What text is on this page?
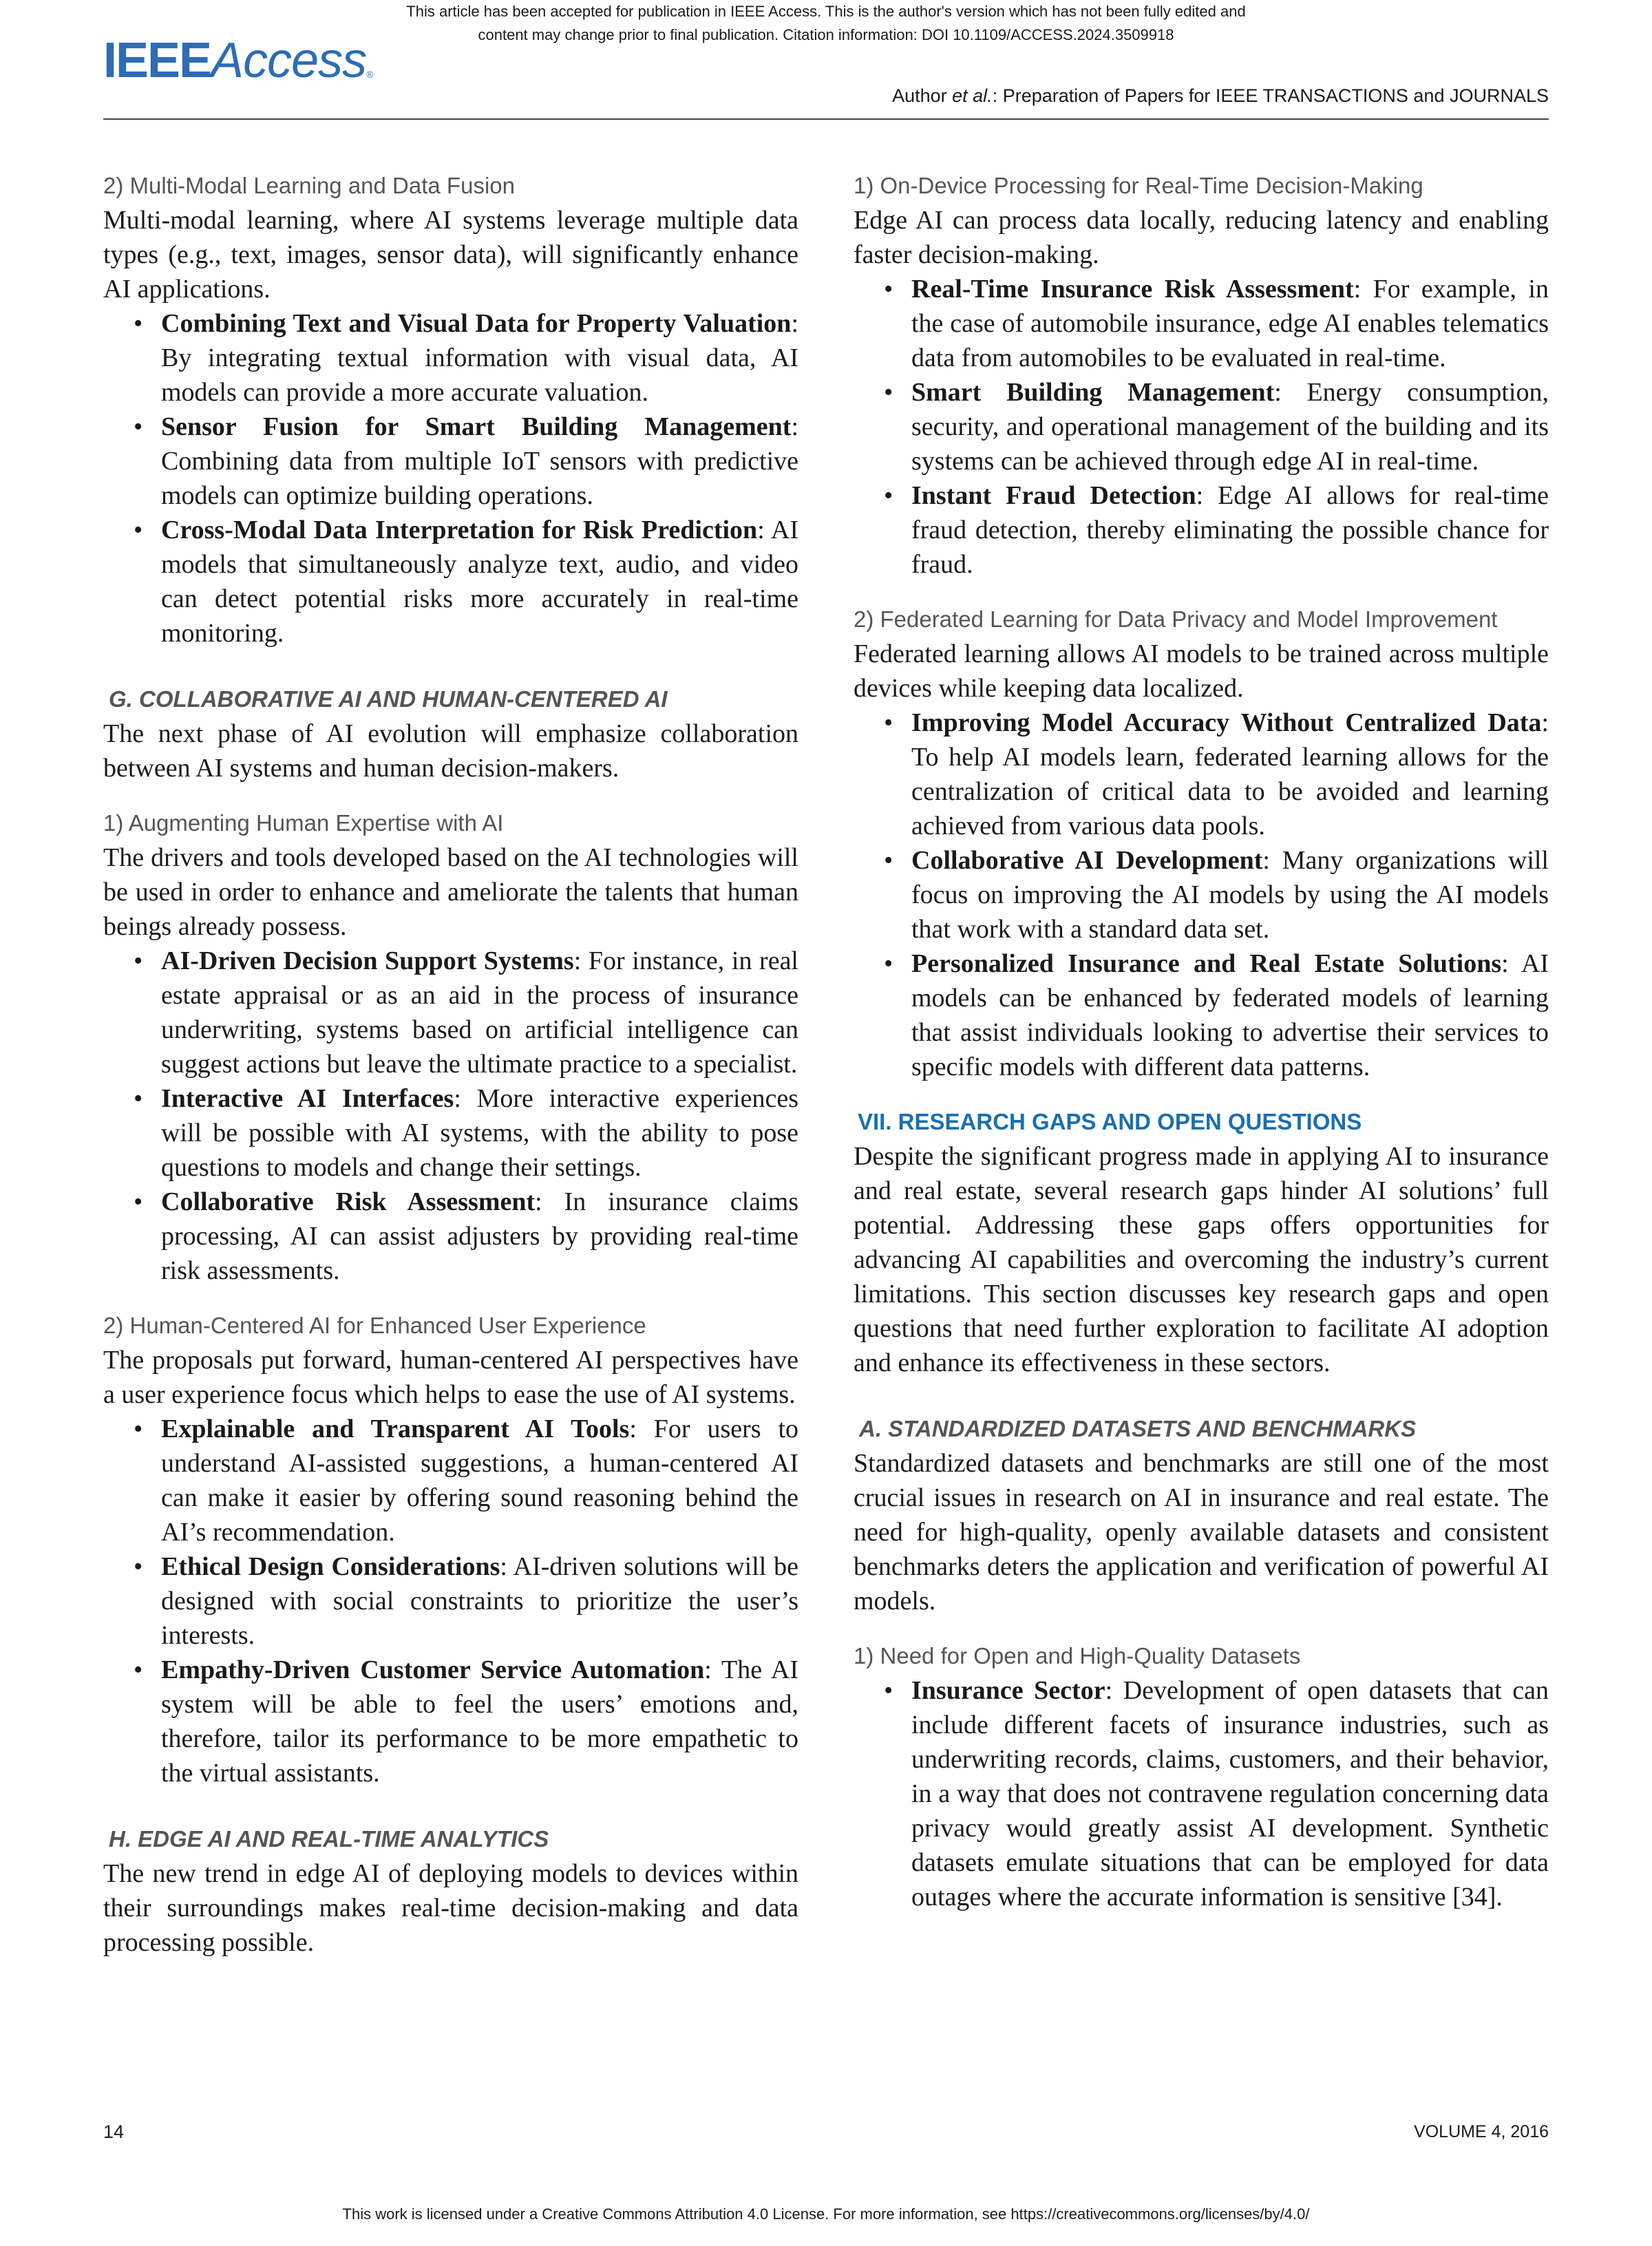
This article has been accepted for publication in IEEE Access. This is the author's version which has not been fully edited and
content may change prior to final publication. Citation information: DOI 10.1109/ACCESS.2024.3509918
IEEEAccess®
Author et al.: Preparation of Papers for IEEE TRANSACTIONS and JOURNALS
2) Multi-Modal Learning and Data Fusion

Multi-modal learning, where AI systems leverage multiple data types (e.g., text, images, sensor data), will significantly enhance AI applications.

• Combining Text and Visual Data for Property Valuation: By integrating textual information with visual data, AI models can provide a more accurate valuation.
• Sensor Fusion for Smart Building Management: Combining data from multiple IoT sensors with predictive models can optimize building operations.
• Cross-Modal Data Interpretation for Risk Prediction: AI models that simultaneously analyze text, audio, and video can detect potential risks more accurately in real-time monitoring.
G. COLLABORATIVE AI AND HUMAN-CENTERED AI

The next phase of AI evolution will emphasize collaboration between AI systems and human decision-makers.

1) Augmenting Human Expertise with AI

The drivers and tools developed based on the AI technologies will be used in order to enhance and ameliorate the talents that human beings already possess.

• AI-Driven Decision Support Systems: For instance, in real estate appraisal or as an aid in the process of insurance underwriting, systems based on artificial intelligence can suggest actions but leave the ultimate practice to a specialist.
• Interactive AI Interfaces: More interactive experiences will be possible with AI systems, with the ability to pose questions to models and change their settings.
• Collaborative Risk Assessment: In insurance claims processing, AI can assist adjusters by providing real-time risk assessments.
2) Human-Centered AI for Enhanced User Experience

The proposals put forward, human-centered AI perspectives have a user experience focus which helps to ease the use of AI systems.

• Explainable and Transparent AI Tools: For users to understand AI-assisted suggestions, a human-centered AI can make it easier by offering sound reasoning behind the AI’s recommendation.
• Ethical Design Considerations: AI-driven solutions will be designed with social constraints to prioritize the user’s interests.
• Empathy-Driven Customer Service Automation: The AI system will be able to feel the users’ emotions and, therefore, tailor its performance to be more empathetic to the virtual assistants.
H. EDGE AI AND REAL-TIME ANALYTICS

The new trend in edge AI of deploying models to devices within their surroundings makes real-time decision-making and data processing possible.

1) On-Device Processing for Real-Time Decision-Making

Edge AI can process data locally, reducing latency and enabling faster decision-making.

• Real-Time Insurance Risk Assessment: For example, in the case of automobile insurance, edge AI enables telematics data from automobiles to be evaluated in real-time.
• Smart Building Management: Energy consumption, security, and operational management of the building and its systems can be achieved through edge AI in real-time.
• Instant Fraud Detection: Edge AI allows for real-time fraud detection, thereby eliminating the possible chance for fraud.
2) Federated Learning for Data Privacy and Model Improvement

Federated learning allows AI models to be trained across multiple devices while keeping data localized.

• Improving Model Accuracy Without Centralized Data: To help AI models learn, federated learning allows for the centralization of critical data to be avoided and learning achieved from various data pools.
• Collaborative AI Development: Many organizations will focus on improving the AI models by using the AI models that work with a standard data set.
• Personalized Insurance and Real Estate Solutions: AI models can be enhanced by federated models of learning that assist individuals looking to advertise their services to specific models with different data patterns.
VII. RESEARCH GAPS AND OPEN QUESTIONS

Despite the significant progress made in applying AI to insurance and real estate, several research gaps hinder AI solutions’ full potential. Addressing these gaps offers opportunities for advancing AI capabilities and overcoming the industry’s current limitations. This section discusses key research gaps and open questions that need further exploration to facilitate AI adoption and enhance its effectiveness in these sectors.

A. STANDARDIZED DATASETS AND BENCHMARKS

Standardized datasets and benchmarks are still one of the most crucial issues in research on AI in insurance and real estate. The need for high-quality, openly available datasets and consistent benchmarks deters the application and verification of powerful AI models.

1) Need for Open and High-Quality Datasets
• Insurance Sector: Development of open datasets that can include different facets of insurance industries, such as underwriting records, claims, customers, and their behavior, in a way that does not contravene regulation concerning data privacy would greatly assist AI development. Synthetic datasets emulate situations that can be employed for data outages where the accurate information is sensitive [34].
14	VOLUME 4, 2016
This work is licensed under a Creative Commons Attribution 4.0 License. For more information, see https://creativecommons.org/licenses/by/4.0/
